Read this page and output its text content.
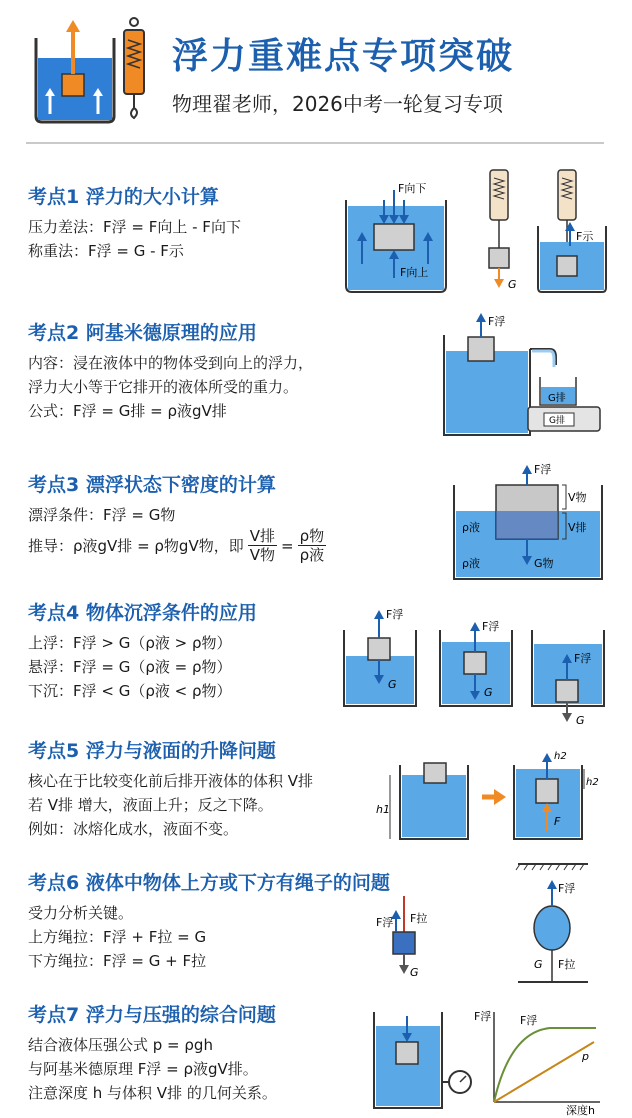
浮力重难点专项突破
物理翟老师，2026中考一轮复习专项
考点1 浮力的大小计算
压力差法：F浮 = F向上 - F向下
称重法：F浮 = G - F示
F向下
F向上
G
F示
考点2 阿基米德原理的应用
内容：浸在液体中的物体受到向上的浮力，
浮力大小等于它排开的液体所受的重力。
公式：F浮 = G排 = ρ液gV排
F浮
G排
G排
考点3 漂浮状态下密度的计算
漂浮条件：F浮 = G物
推导：ρ液gV排 = ρ物gV物，即
V排
V物
=
ρ物
ρ液
F浮
G物
V物
V排
ρ液
ρ液
考点4 物体沉浮条件的应用
上浮：F浮 > G（ρ液 > ρ物）
悬浮：F浮 = G（ρ液 = ρ物）
下沉：F浮 < G（ρ液 < ρ物）
F浮
G
F浮
G
F浮
G
考点5 浮力与液面的升降问题
核心在于比较变化前后排开液体的体积 V排
若 V排 增大，液面上升；反之下降。
例如：冰熔化成水，液面不变。
h1
h2
F
h2
考点6 液体中物体上方或下方有绳子的问题
受力分析关键。
上方绳拉：F浮 + F拉 = G
下方绳拉：F浮 = G + F拉
F浮 F拉
G
F浮
G F拉
考点7 浮力与压强的综合问题
结合液体压强公式 p = ρgh
与阿基米德原理 F浮 = ρ液gV排。
注意深度 h 与体积 V排 的几何关系。
F浮
深度h
F浮
p
